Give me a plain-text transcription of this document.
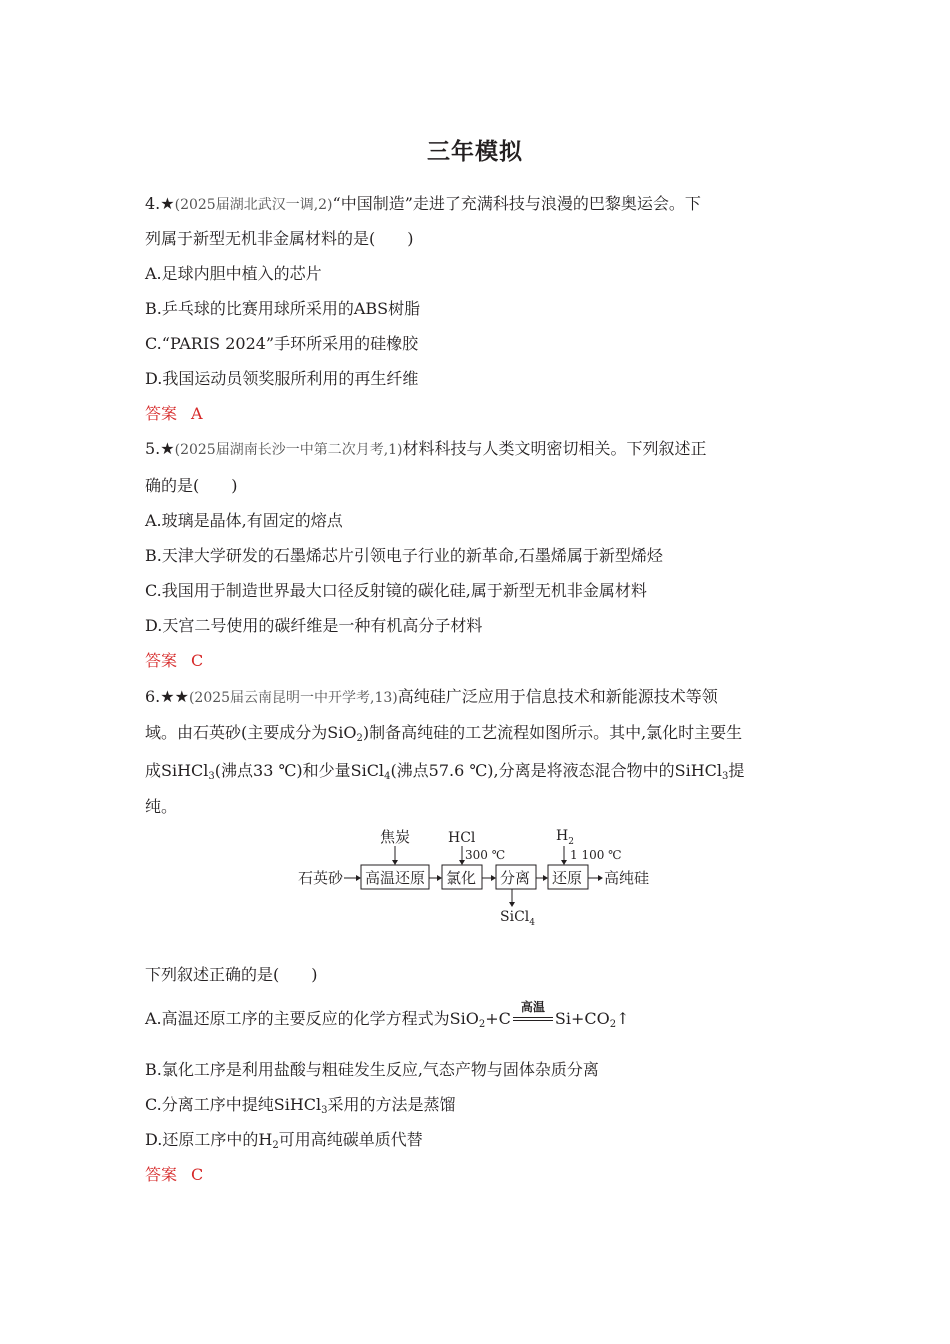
三年模拟
4.★(2025届湖北武汉一调,2)“中国制造”走进了充满科技与浪漫的巴黎奥运会。下
列属于新型无机非金属材料的是(　　)
A.足球内胆中植入的芯片
B.乒乓球的比赛用球所采用的ABS树脂
C.“PARIS 2024”手环所采用的硅橡胶
D.我国运动员领奖服所利用的再生纤维
答案 A
5.★(2025届湖南长沙一中第二次月考,1)材料科技与人类文明密切相关。下列叙述正
确的是(　　)
A.玻璃是晶体,有固定的熔点
B.天津大学研发的石墨烯芯片引领电子行业的新革命,石墨烯属于新型烯烃
C.我国用于制造世界最大口径反射镜的碳化硅,属于新型无机非金属材料
D.天宫二号使用的碳纤维是一种有机高分子材料
答案 C
6.★★(2025届云南昆明一中开学考,13)高纯硅广泛应用于信息技术和新能源技术等领
域。由石英砂(主要成分为SiO$_2$)制备高纯硅的工艺流程如图所示。其中,氯化时主要生
成SiHCl$_3$(沸点33 ℃)和少量SiCl$_4$(沸点57.6 ℃),分离是将液态混合物中的SiHCl$_3$提
纯。
石英砂 高温还原
焦炭
氯化
HCl
300 ℃
分离
SiCl$_4$
还原
$H_2$
1 100 ℃
高纯硅
下列叙述正确的是(　　)
A.高温还原工序的主要反应的化学方程式为SiO$_2$+C
高温
$Si+CO_2↑$
B.氯化工序是利用盐酸与粗硅发生反应,气态产物与固体杂质分离
C.分离工序中提纯SiHCl$_3$采用的方法是蒸馏
D.还原工序中的$H_2$可用高纯碳单质代替
答案 C
